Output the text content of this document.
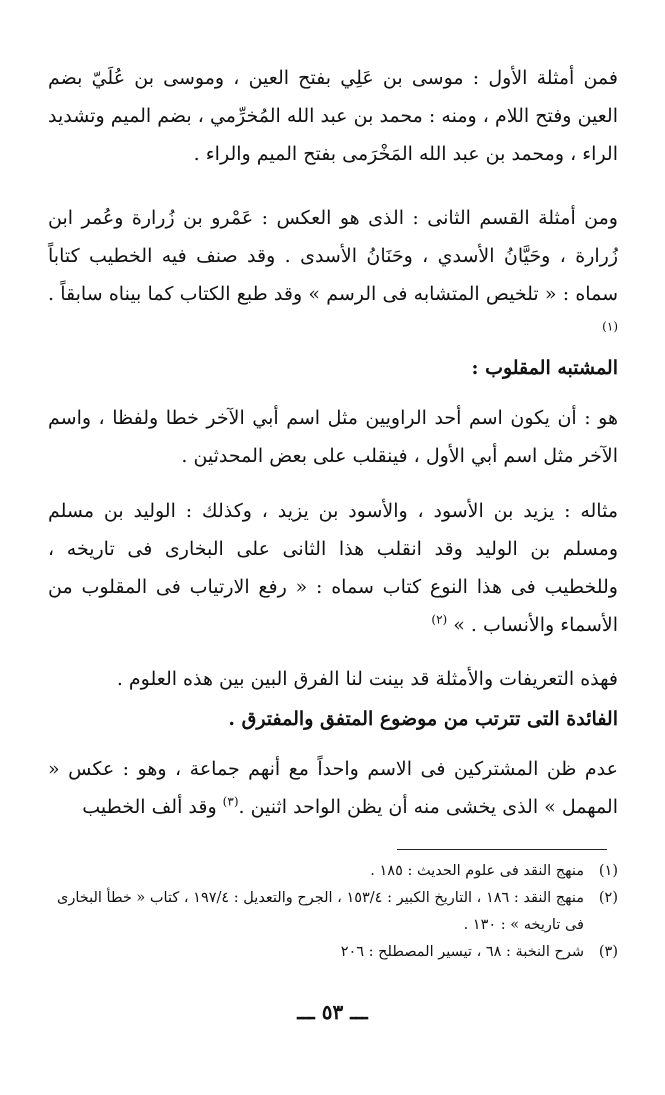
فمن أمثلة الأول : موسى بن عَلِي بفتح العين ، وموسى بن عُلَيّ بضم العين وفتح اللام ، ومنه : محمد بن عبد الله المُخرِّمي ، بضم الميم وتشديد الراء ، ومحمد بن عبد الله المَخْرَمى بفتح الميم والراء .
ومن أمثلة القسم الثانى : الذى هو العكس : عَمْرو بن زُرارة وعُمر ابن زُرارة ، وحَيَّانُ الأسدي ، وحَنَانُ الأسدى . وقد صنف فيه الخطيب كتاباً سماه : « تلخيص المتشابه فى الرسم » وقد طبع الكتاب كما بيناه سابقاً . $^{(١)}$
المشتبه المقلوب :
هو : أن يكون اسم أحد الراويين مثل اسم أبي الآخر خطا ولفظا ، واسم الآخر مثل اسم أبي الأول ، فينقلب على بعض المحدثين .
مثاله : يزيد بن الأسود ، والأسود بن يزيد ، وكذلك : الوليد بن مسلم ومسلم بن الوليد وقد انقلب هذا الثانى على البخارى فى تاريخه ، وللخطيب فى هذا النوع كتاب سماه : « رفع الارتياب فى المقلوب من الأسماء والأنساب . » $^{(٢)}$
فهذه التعريفات والأمثلة قد بينت لنا الفرق البين بين هذه العلوم .
الفائدة التى تترتب من موضوع المتفق والمفترق .
عدم ظن المشتركين فى الاسم واحداً مع أنهم جماعة ، وهو : عكس « المهمل » الذى يخشى منه أن يظن الواحد اثنين .$^{(٣)}$ وقد ألف الخطيب
(١)
منهج النقد فى علوم الحديث : ١٨٥ .
(٢)
منهج النقد : ١٨٦ ، التاريخ الكبير : ١٥٣/٤ ، الجرح والتعديل : ١٩٧/٤ ، كتاب « خطأ البخارى فى تاريخه » : ١٣٠ .
(٣)
شرح النخبة : ٦٨ ، تيسير المصطلح : ٢٠٦
ـــ ٥٣ ـــ
